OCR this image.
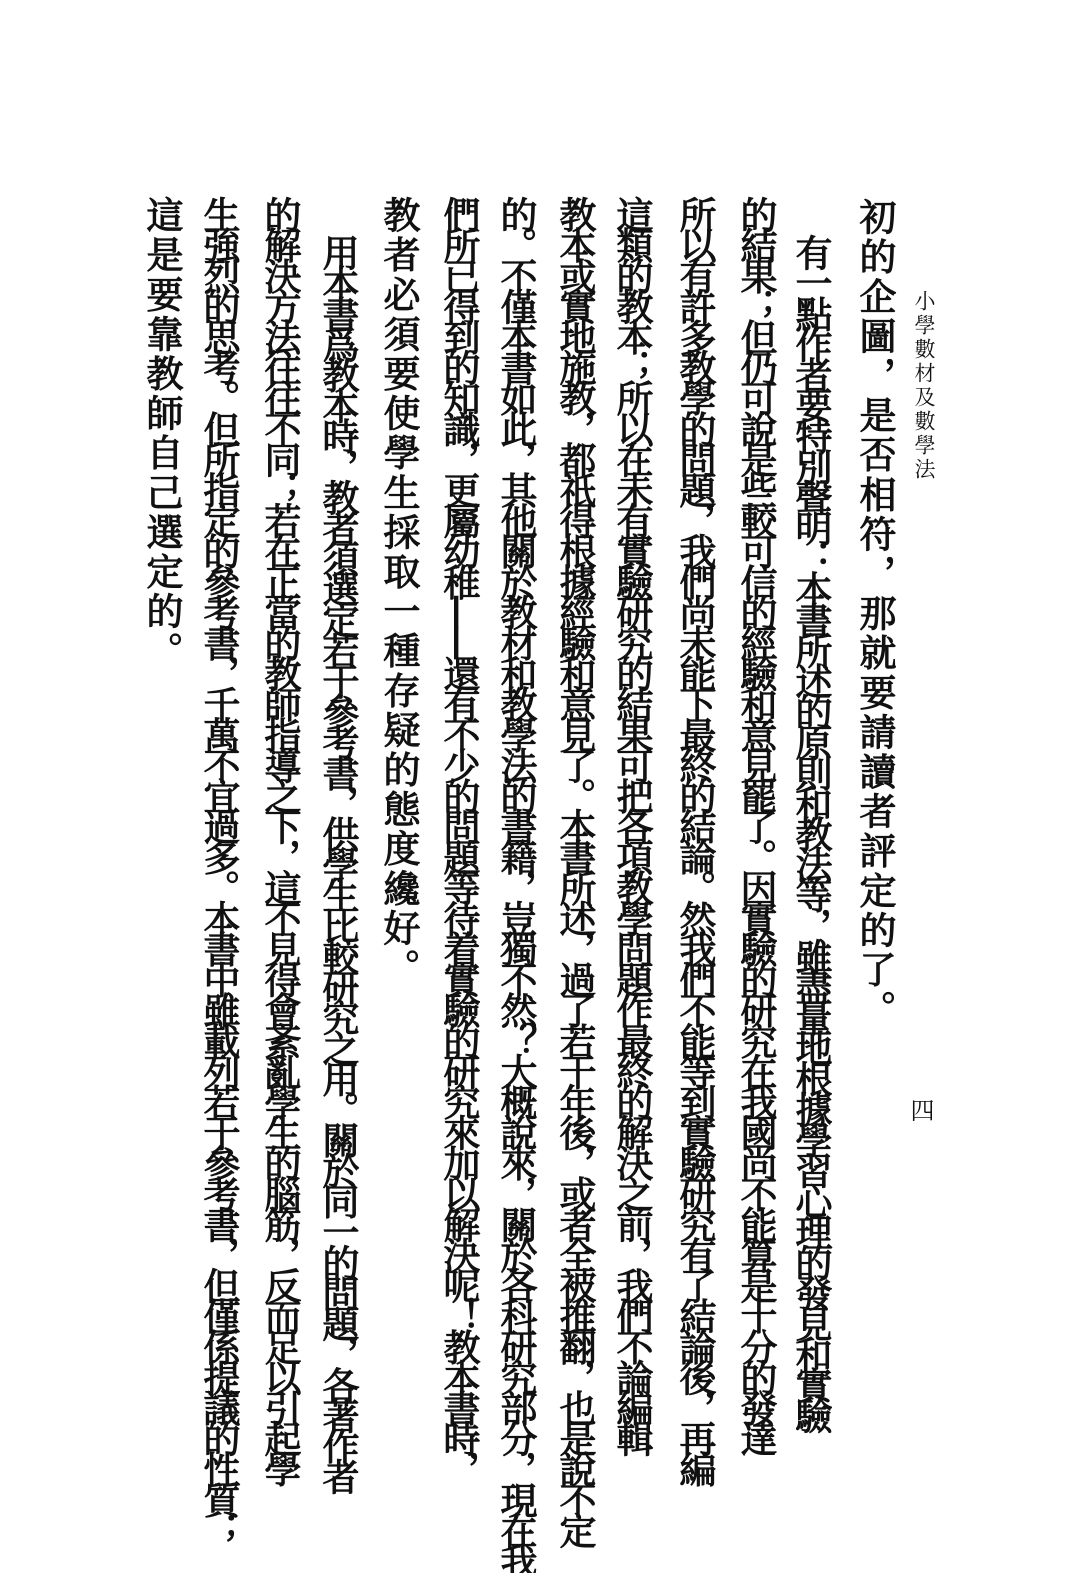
小學數材及數學法
四
初的企圖，是否相符，那就要請讀者評定的了。
有一點作者要特別聲明：本書所述的原則和教法等，雖盡量地根據學習心理的發見和實驗
的結果；但仍可說是些較可信的經驗和意見罷了。因實驗的研究在我國尚不能算是十分的發達
所以有許多教學的問題，我們尚未能下最終的結論。然我們不能等到實驗研究有了結論後，再編
這類的教本；所以在未有實驗研究的結果可把各項教學問題作最終的解決之前，我們不論編輯
教本或實地施教，都祇得根據經驗和意見了。本書所述，過了若干年後，或者全被推翻，也是說不定
的。不僅本書如此，其他關於教材和教學法的書籍，豈獨不然？大概說來，關於各科研究部分，現在我
們所已得到的知識，更屬幼稚——還有不少的問題等待着實驗的研究來加以解決呢！教本書時，
教者必須要使學生採取一種存疑的態度纔好。
用本書爲教本時，教者須選定若干參考書，供學生比較研究之用。關於同一的問題，各著作者
的解決方法往往不同；若在正當的教師指導之下，這不見得會紊亂學生的腦筋，反而足以引起學
生強烈的思考。但所指定的參考書，千萬不宜過多。本書中雖載列若干參考書，但僅係提議的性質；
這是要靠教師自己選定的。
